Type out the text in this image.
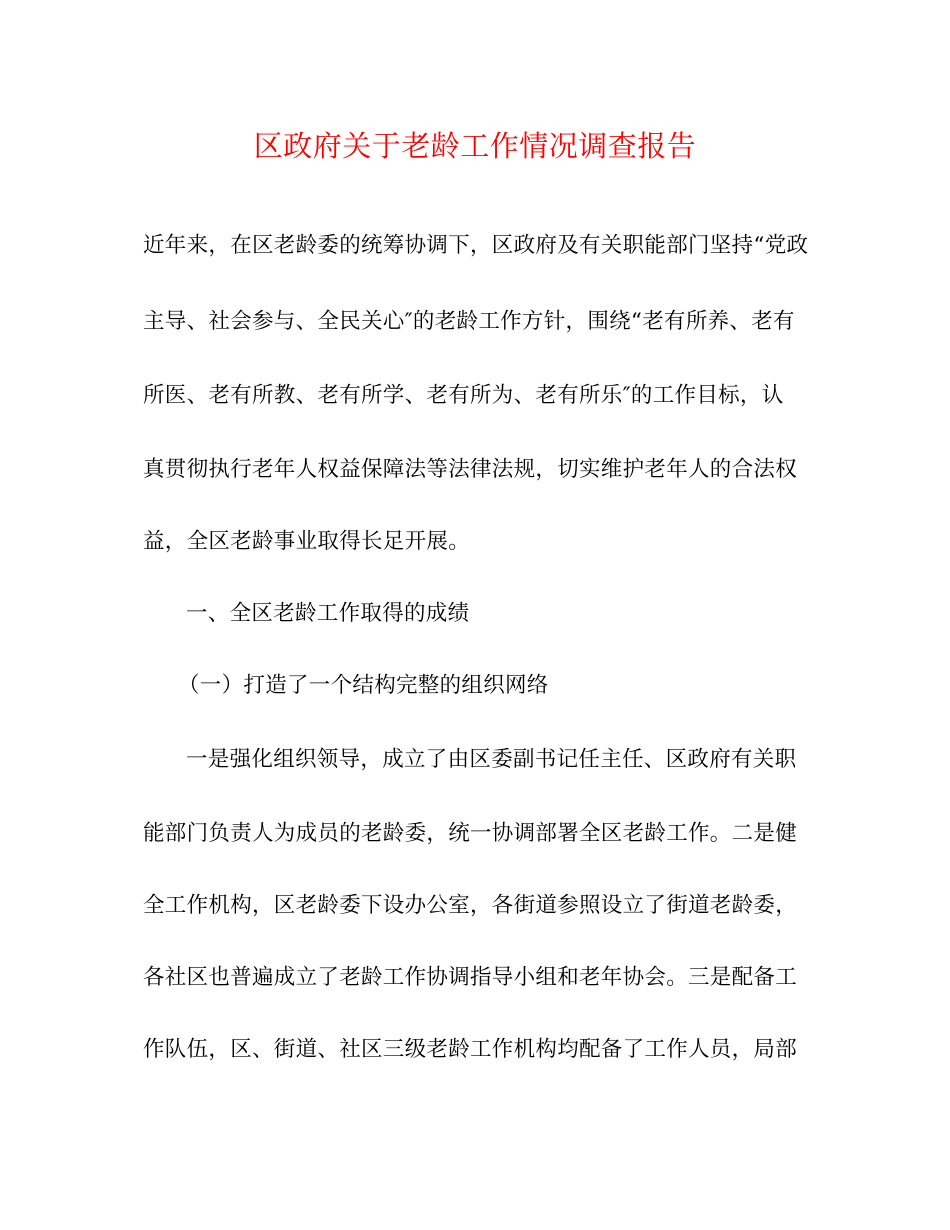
区政府关于老龄工作情况调查报告
近年来，在区老龄委的统筹协调下，区政府及有关职能部门坚持“党政
主导、社会参与、全民关心″的老龄工作方针，围绕“老有所养、老有
所医、老有所教、老有所学、老有所为、老有所乐″的工作目标，认
真贯彻执行老年人权益保障法等法律法规，切实维护老年人的合法权
益，全区老龄事业取得长足开展。
一、全区老龄工作取得的成绩
（一）打造了一个结构完整的组织网络
一是强化组织领导，成立了由区委副书记任主任、区政府有关职
能部门负责人为成员的老龄委，统一协调部署全区老龄工作。二是健
全工作机构，区老龄委下设办公室，各街道参照设立了街道老龄委，
各社区也普遍成立了老龄工作协调指导小组和老年协会。三是配备工
作队伍，区、街道、社区三级老龄工作机构均配备了工作人员，局部
